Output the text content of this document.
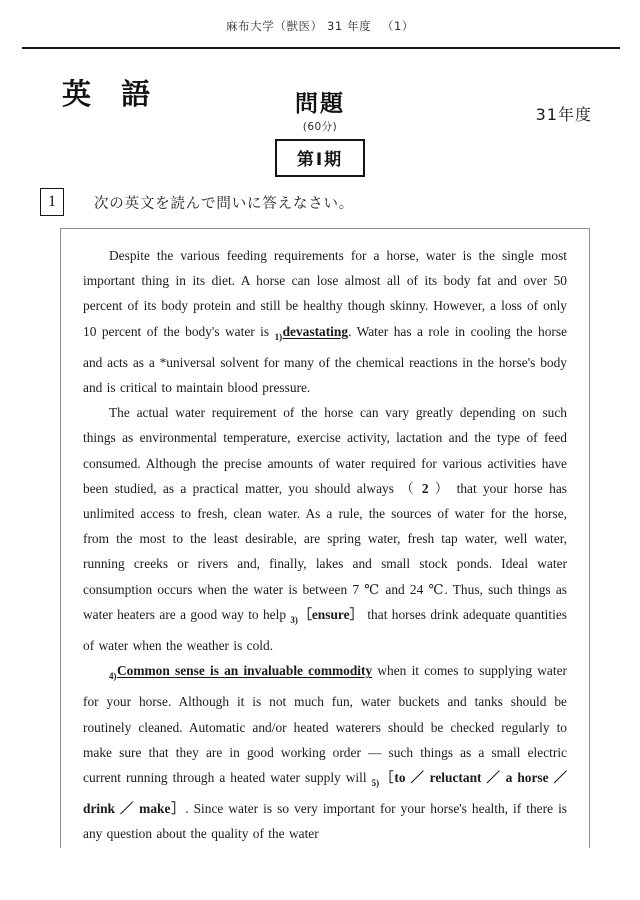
麻布大学（獣医） 31 年度 　（1）
英 語	問題
(60分)
第Ⅰ期
31年度
1	次の英文を読んで問いに答えなさい。

Despite the various feeding requirements for a horse, water is the single most important thing in its diet. A horse can lose almost all of its body fat and over 50 percent of its body protein and still be healthy though skinny. However, a loss of only 10 percent of the body's water is $_{1)}$devastating. Water has a role in cooling the horse and acts as a *universal solvent for many of the chemical reactions in the horse's body and is critical to maintain blood pressure.

The actual water requirement of the horse can vary greatly depending on such things as environmental temperature, exercise activity, lactation and the type of feed consumed. Although the precise amounts of water required for various activities have been studied, as a practical matter, you should always （ 2 ） that your horse has unlimited access to fresh, clean water. As a rule, the sources of water for the horse, from the most to the least desirable, are spring water, fresh tap water, well water, running creeks or rivers and, finally, lakes and small stock ponds. Ideal water consumption occurs when the water is between 7 ℃ and 24 ℃. Thus, such things as water heaters are a good way to help $_{3)}$［ensure］ that horses drink adequate quantities of water when the weather is cold.

$_{4)}$Common sense is an invaluable commodity when it comes to supplying water for your horse. Although it is not much fun, water buckets and tanks should be routinely cleaned. Automatic and/or heated waterers should be checked regularly to make sure that they are in good working order — such things as a small electric current running through a heated water supply will $_{5)}$［to ／ reluctant ／ a horse ／ drink ／ make］. Since water is so very important for your horse's health, if there is any question about the quality of the water
